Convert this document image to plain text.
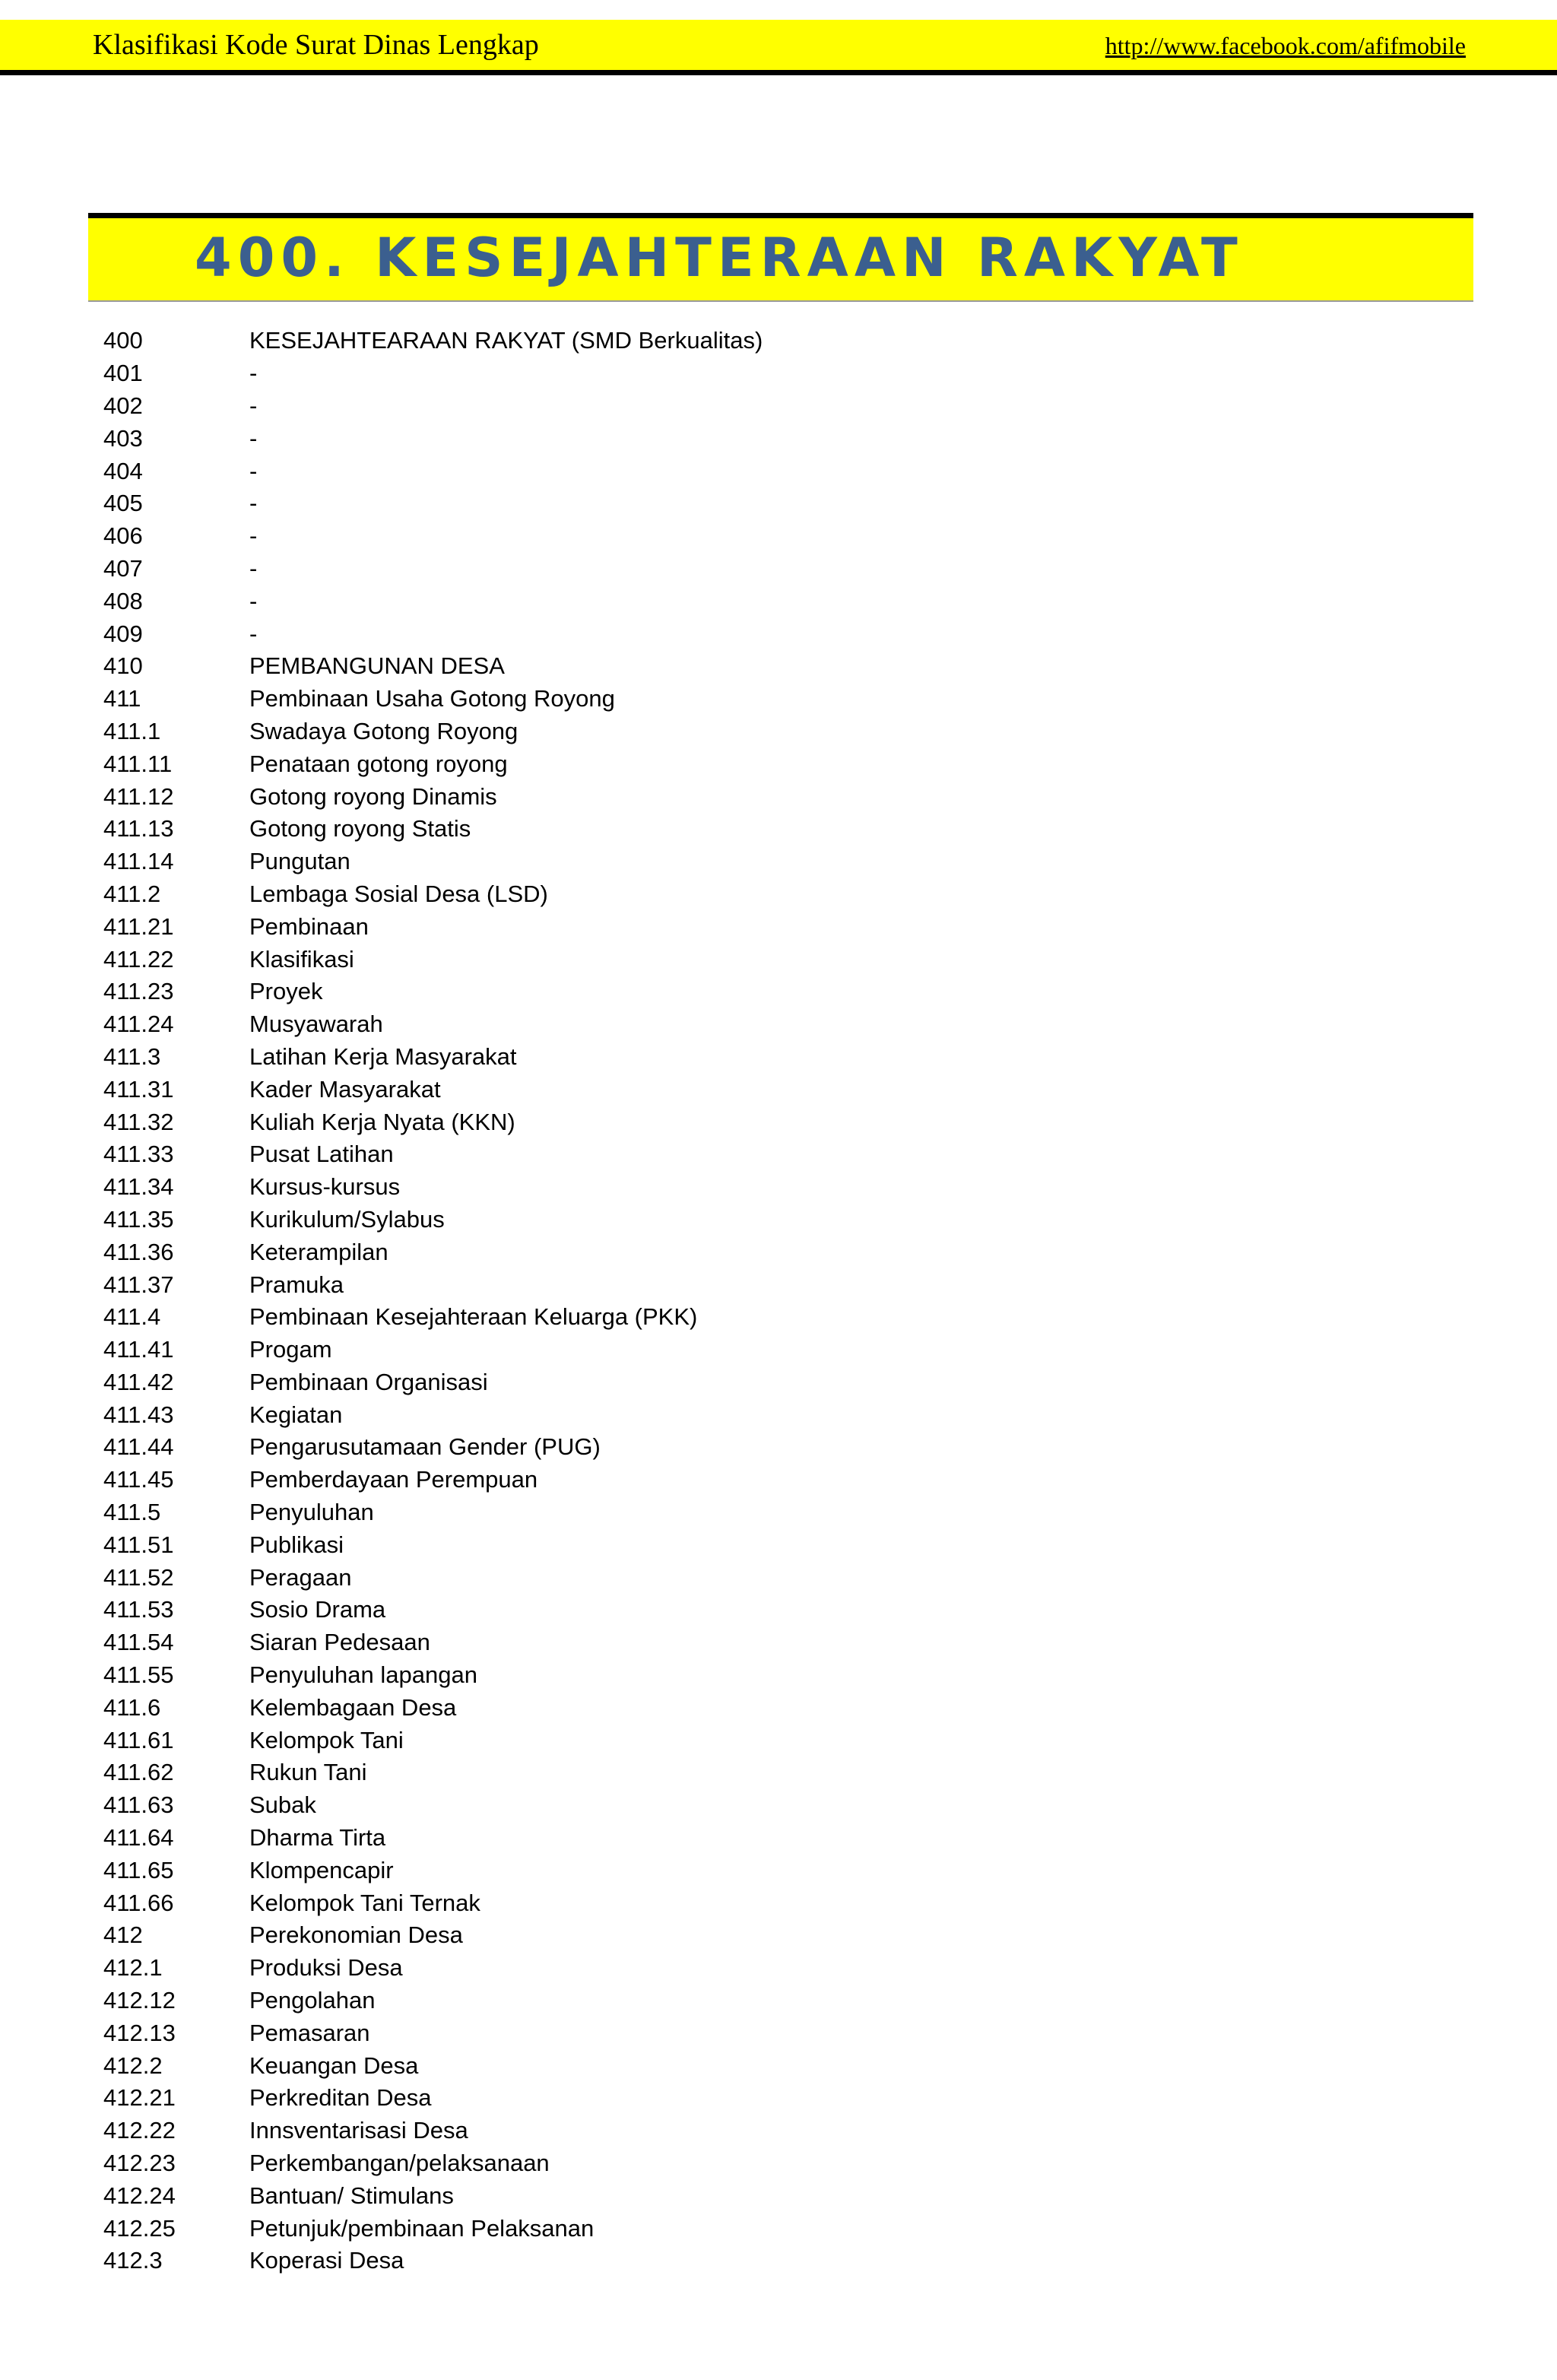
Klasifikasi Kode Surat Dinas Lengkap	http://www.facebook.com/afifmobile
400. KESEJAHTERAAN RAKYAT
400	KESEJAHTEARAAN RAKYAT (SMD Berkualitas)
401	-
402	-
403	-
404	-
405	-
406	-
407	-
408	-
409	-
410	PEMBANGUNAN DESA
411	Pembinaan Usaha Gotong Royong
411.1	Swadaya Gotong Royong
411.11	Penataan gotong royong
411.12	Gotong royong Dinamis
411.13	Gotong royong Statis
411.14	Pungutan
411.2	Lembaga Sosial Desa (LSD)
411.21	Pembinaan
411.22	Klasifikasi
411.23	Proyek
411.24	Musyawarah
411.3	Latihan Kerja Masyarakat
411.31	Kader Masyarakat
411.32	Kuliah Kerja Nyata (KKN)
411.33	Pusat Latihan
411.34	Kursus-kursus
411.35	Kurikulum/Sylabus
411.36	Keterampilan
411.37	Pramuka
411.4	Pembinaan Kesejahteraan Keluarga (PKK)
411.41	Progam
411.42	Pembinaan Organisasi
411.43	Kegiatan
411.44	Pengarusutamaan Gender (PUG)
411.45	Pemberdayaan Perempuan
411.5	Penyuluhan
411.51	Publikasi
411.52	Peragaan
411.53	Sosio Drama
411.54	Siaran Pedesaan
411.55	Penyuluhan lapangan
411.6	Kelembagaan Desa
411.61	Kelompok Tani
411.62	Rukun Tani
411.63	Subak
411.64	Dharma Tirta
411.65	Klompencapir
411.66	Kelompok Tani Ternak
412	Perekonomian Desa
412.1	Produksi Desa
412.12	Pengolahan
412.13	Pemasaran
412.2	Keuangan Desa
412.21	Perkreditan Desa
412.22	Innsventarisasi Desa
412.23	Perkembangan/pelaksanaan
412.24	Bantuan/ Stimulans
412.25	Petunjuk/pembinaan Pelaksanan
412.3	Koperasi Desa
